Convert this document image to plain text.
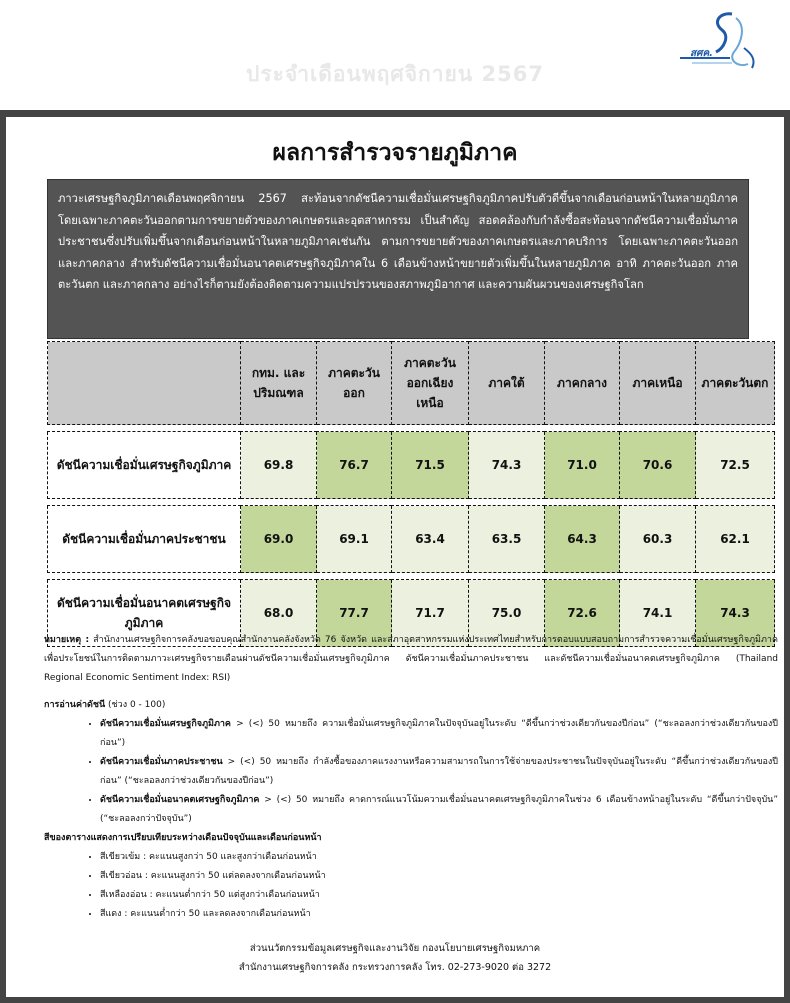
ประจำเดือนพฤศจิกายน 2567
สศค.
ผลการสำรวจรายภูมิภาค
ภาวะเศรษฐกิจภูมิภาคเดือนพฤศจิกายน 2567 สะท้อนจากดัชนีความเชื่อมั่นเศรษฐกิจภูมิภาคปรับตัวดีขึ้นจากเดือนก่อนหน้าในหลายภูมิภาค โดยเฉพาะภาคตะวันออกตามการขยายตัวของภาคเกษตรและอุตสาหกรรม เป็นสำคัญ สอดคล้องกับกำลังซื้อสะท้อนจากดัชนีความเชื่อมั่นภาคประชาชนซึ่งปรับเพิ่มขึ้นจากเดือนก่อนหน้าในหลายภูมิภาคเช่นกัน ตามการขยายตัวของภาคเกษตรและภาคบริการ โดยเฉพาะภาคตะวันออกและภาคกลาง สำหรับดัชนีความเชื่อมั่นอนาคตเศรษฐกิจภูมิภาคใน 6 เดือนข้างหน้าขยายตัวเพิ่มขึ้นในหลายภูมิภาค อาทิ ภาคตะวันออก ภาคตะวันตก และภาคกลาง อย่างไรก็ตามยังต้องติดตามความแปรปรวนของสภาพภูมิอากาศ และความผันผวนของเศรษฐกิจโลก
	กทม. และปริมณฑล	ภาคตะวันออก	ภาคตะวันออกเฉียงเหนือ	ภาคใต้	ภาคกลาง	ภาคเหนือ	ภาคตะวันตก

ดัชนีความเชื่อมั่นเศรษฐกิจภูมิภาค	69.8	76.7	71.5	74.3	71.0	70.6	72.5

ดัชนีความเชื่อมั่นภาคประชาชน	69.0	69.1	63.4	63.5	64.3	60.3	62.1

ดัชนีความเชื่อมั่นอนาคตเศรษฐกิจภูมิภาค	68.0	77.7	71.7	75.0	72.6	74.1	74.3

หมายเหตุ : สำนักงานเศรษฐกิจการคลังขอขอบคุณสำนักงานคลังจังหวัด 76 จังหวัด และสภาอุตสาหกรรมแห่งประเทศไทยสำหรับการตอบแบบสอบถามการสำรวจความเชื่อมั่นเศรษฐกิจภูมิภาค เพื่อประโยชน์ในการติดตามภาวะเศรษฐกิจรายเดือนผ่านดัชนีความเชื่อมั่นเศรษฐกิจภูมิภาค ดัชนีความเชื่อมั่นภาคประชาชน และดัชนีความเชื่อมั่นอนาคตเศรษฐกิจภูมิภาค (Thailand Regional Economic Sentiment Index: RSI)

การอ่านค่าดัชนี (ช่วง 0 - 100)

• ดัชนีความเชื่อมั่นเศรษฐกิจภูมิภาค > (<) 50 หมายถึง ความเชื่อมั่นเศรษฐกิจภูมิภาคในปัจจุบันอยู่ในระดับ “ดีขึ้นกว่าช่วงเดียวกันของปีก่อน” (“ชะลอลงกว่าช่วงเดียวกันของปีก่อน”)
• ดัชนีความเชื่อมั่นภาคประชาชน > (<) 50 หมายถึง กำลังซื้อของภาคแรงงานหรือความสามารถในการใช้จ่ายของประชาชนในปัจจุบันอยู่ในระดับ “ดีขึ้นกว่าช่วงเดียวกันของปีก่อน” (“ชะลอลงกว่าช่วงเดียวกันของปีก่อน”)
• ดัชนีความเชื่อมั่นอนาคตเศรษฐกิจภูมิภาค > (<) 50 หมายถึง คาดการณ์แนวโน้มความเชื่อมั่นอนาคตเศรษฐกิจภูมิภาคในช่วง 6 เดือนข้างหน้าอยู่ในระดับ “ดีขึ้นกว่าปัจจุบัน” (“ชะลอลงกว่าปัจจุบัน”)

สีของตารางแสดงการเปรียบเทียบระหว่างเดือนปัจจุบันและเดือนก่อนหน้า

• สีเขียวเข้ม : คะแนนสูงกว่า 50 และสูงกว่าเดือนก่อนหน้า
• สีเขียวอ่อน : คะแนนสูงกว่า 50 แต่ลดลงจากเดือนก่อนหน้า
• สีเหลืองอ่อน : คะแนนต่ำกว่า 50 แต่สูงกว่าเดือนก่อนหน้า
• สีแดง : คะแนนต่ำกว่า 50 และลดลงจากเดือนก่อนหน้า
ส่วนนวัตกรรมข้อมูลเศรษฐกิจและงานวิจัย กองนโยบายเศรษฐกิจมหภาค
สำนักงานเศรษฐกิจการคลัง กระทรวงการคลัง โทร. 02-273-9020 ต่อ 3272
